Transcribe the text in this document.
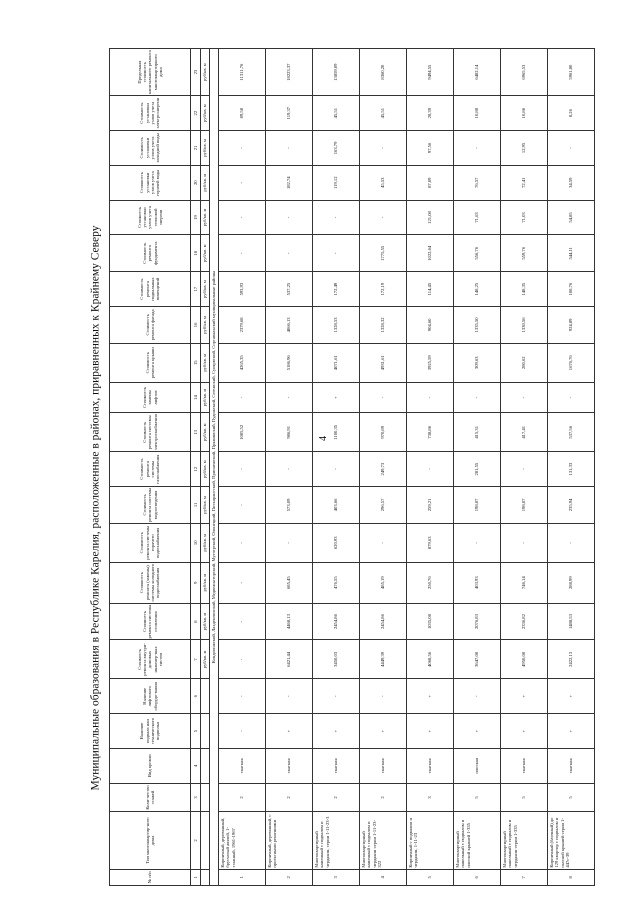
4
Муниципальные образования в Республике Карелия, расположенные в районах, приравненных к Крайнему Северу
№ п/п	Тип многоквартир-ного дома	Коли-чество этажей	Вид кровли	Наличие подвала или технического подполья	Наличие лифтового оборудо-вания	Стоимость ремонта внутри-домовых инженер-ных систем	Стоимость ремонта системы отопления	Стоимость ремонта (замены) системы холодного водоснабжения	Стоимость ремонта системы горячего водоснабжения	Стоимость ремонта системы водоотведения	Стоимость ремонта системы газоснабжения	Стоимость ремонта системы электроснабжения	Стоимость замены лифтов	Стоимость ремонта крыши	Стоимость ремонта фасада	Стоимость ремонта подвальных помещений	Стоимость ремонта фундамента	Стоимость установки узлов учета тепловой энергии	Стоимость установки узлов учета горячей воды	Стоимость установки узлов учета холодной воды	Стоимость установки узлов учета электроэнергии	Предельная стоимость капитального ремонта многоквартирного дома
1	2	3	4	5	6	7	8	9	10	11	12	13	14	15	16	17	18	19	20	21	22	23
						руб/кв. м	руб/кв. м	руб/кв. м	руб/кв. м	руб/кв. м	руб/кв. м	руб/кв. м	руб/кв. м	руб/кв. м	руб/кв. м	руб/кв. м	руб/кв. м	руб/кв. м	руб/кв. м	руб/кв. м	руб/кв. м	руб/кв. м
Кондопожский, Лахденпохский, Медвежьегорский, Муезерский, Олонецкий, Питкярантский, Прионежский, Пряжинский, Пудожский, Сегежский, Суоярвский, Сортавальский муниципальные районы																						
1	Кирпичный, деревянный, брусчатый жилой, 1-этажный, 1961-1967	2	скатная	-	-	-	-	-	-	-	-	1085,52	-	4265,35	2379,68	593,93	-	-	-	-	89,58	11311,76
2	Кирпичный, деревянный, с проектными решениями	2	скатная	+	-	6421,44	4468,13	685,45	-	573,09	-	986,91	-	5186,96	4066,13	537,25	-	-	182,74	-	119,37	18223,37
3	Многоквартирный каменный с подвалом и чердаком, серии 1-11-23-3	2	скатная	+	-	3450,03	2454,86	476,55	620,93	403,66	-	1100,35	+	4071,61	1328,53	172,49	-	-	119,12	163,79	45,51	13859,09
4	Многоквартирный каменный с подвалом и чердаком серии 1-11-23-322	2	скатная	+	-	4449,39	2454,86	485,19	-	296,57	249,73	970,89	-	4931,61	1328,32	172,19	1775,55	-	45,53	-	45,51	8360,20
5	Кирпичный с подвалом и чердаком, 1-11-23	3	скатная	+	+	4068,56	1035,08	250,76	879,63	259,21	-	738,86	-	3925,59	904,60	114,45	1022,64	121,08	87,09	97,56	28,39	9494,55
6	Многоквартирный панельный с подвалом и плоской крышей 1-335	5	плоская	+	-	3647,08	2076,83	403,93	-	198,87	281,55	415,31	-	309,63	1335,50	148,25	556,76	71,63	76,57	-	10,88	6482,14
7	Многоквартирный панельный с подвалом и чердаком серии 1-335	5	скатная	+	+	4950,08	2336,82	746,14	-	198,87	-	417,41	-	280,62	1330,56	148,35	559,76	71,03	72,41	12,95	10,86	6965,53
8	Кирпичный (блочный) до 129 квартир с подвалом и скатной крышей серии 1-447с-39	5	скатная	+	+	2422,13	1488,53	288,99	-	235,94	131,33	537,56	-	1676,76	924,89	108,76	544,11	54,85	34,59	-	8,26	5961,80
